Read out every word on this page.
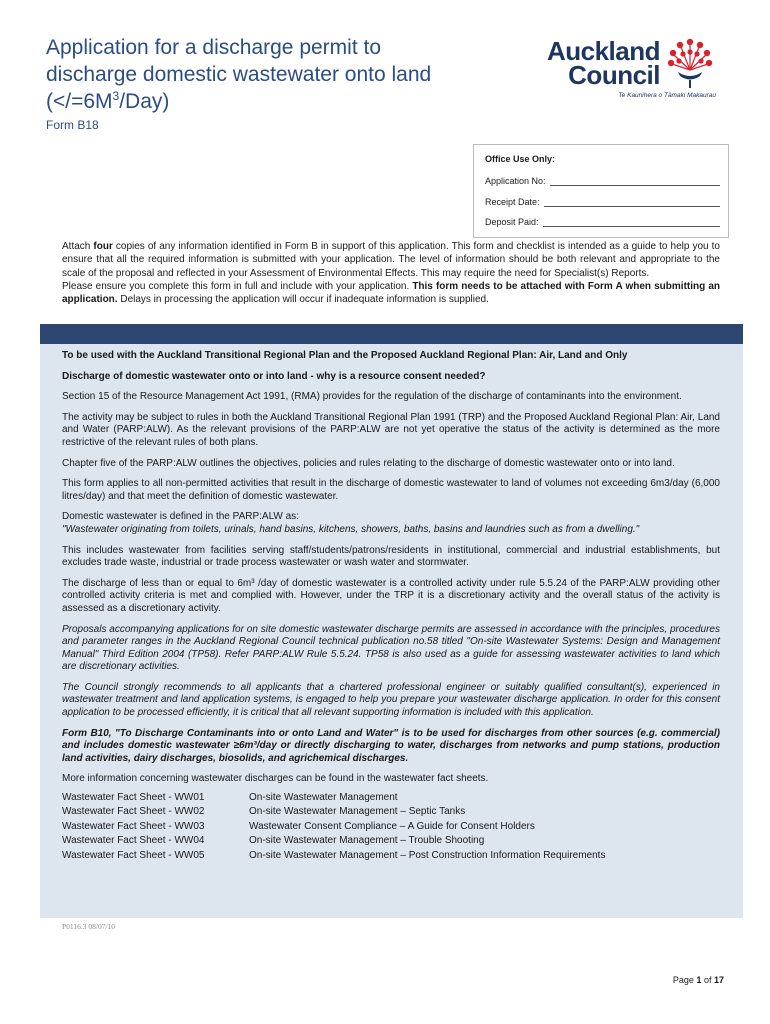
Application for a discharge permit to
discharge domestic wastewater onto land
$(</=6M^3/Day)$
Form B18
Auckland
Council
Te Kaunihera o Tāmaki Makaurau
Office Use Only:
Application No:
Receipt Date:
Deposit Paid:

Attach four copies of any information identified in Form B in support of this application. This form and checklist is intended as a guide to help you to ensure that all the required information is submitted with your application. The level of information should be both relevant and appropriate to the scale of the proposal and reflected in your Assessment of Environmental Effects. This may require the need for Specialist(s) Reports.

Please ensure you complete this form in full and include with your application. This form needs to be attached with Form A when submitting an application. Delays in processing the application will occur if inadequate information is supplied.

To be used with the Auckland Transitional Regional Plan and the Proposed Auckland Regional Plan: Air, Land and Only

Discharge of domestic wastewater onto or into land - why is a resource consent needed?

Section 15 of the Resource Management Act 1991, (RMA) provides for the regulation of the discharge of contaminants into the environment.

The activity may be subject to rules in both the Auckland Transitional Regional Plan 1991 (TRP) and the Proposed Auckland Regional Plan: Air, Land and Water (PARP:ALW). As the relevant provisions of the PARP:ALW are not yet operative the status of the activity is determined as the more restrictive of the relevant rules of both plans.

Chapter five of the PARP:ALW outlines the objectives, policies and rules relating to the discharge of domestic wastewater onto or into land.

This form applies to all non-permitted activities that result in the discharge of domestic wastewater to land of volumes not exceeding 6m3/day (6,000 litres/day) and that meet the definition of domestic wastewater.

Domestic wastewater is defined in the PARP:ALW as:
"Wastewater originating from toilets, urinals, hand basins, kitchens, showers, baths, basins and laundries such as from a dwelling."

This includes wastewater from facilities serving staff/students/patrons/residents in institutional, commercial and industrial establishments, but excludes trade waste, industrial or trade process wastewater or wash water and stormwater.

The discharge of less than or equal to 6m³ /day of domestic wastewater is a controlled activity under rule 5.5.24 of the PARP:ALW providing other controlled activity criteria is met and complied with. However, under the TRP it is a discretionary activity and the overall status of the activity is assessed as a discretionary activity.

Proposals accompanying applications for on site domestic wastewater discharge permits are assessed in accordance with the principles, procedures and parameter ranges in the Auckland Regional Council technical publication no.58 titled "On-site Wastewater Systems: Design and Management Manual" Third Edition 2004 (TP58). Refer PARP:ALW Rule 5.5.24. TP58 is also used as a guide for assessing wastewater activities to land which are discretionary activities.

The Council strongly recommends to all applicants that a chartered professional engineer or suitably qualified consultant(s), experienced in wastewater treatment and land application systems, is engaged to help you prepare your wastewater discharge application. In order for this consent application to be processed efficiently, it is critical that all relevant supporting information is included with this application.

Form B10, "To Discharge Contaminants into or onto Land and Water" is to be used for discharges from other sources (e.g. commercial) and includes domestic wastewater ≥6m³/day or directly discharging to water, discharges from networks and pump stations, production land activities, dairy discharges, biosolids, and agrichemical discharges.

More information concerning wastewater discharges can be found in the wastewater fact sheets.

Wastewater Fact Sheet - WW01	On-site Wastewater Management
Wastewater Fact Sheet - WW02	On-site Wastewater Management – Septic Tanks
Wastewater Fact Sheet - WW03	Wastewater Consent Compliance – A Guide for Consent Holders
Wastewater Fact Sheet - WW04	On-site Wastewater Management – Trouble Shooting
Wastewater Fact Sheet - WW05	On-site Wastewater Management – Post Construction Information Requirements
P0116.3 08/07/10
Page 1 of 17
